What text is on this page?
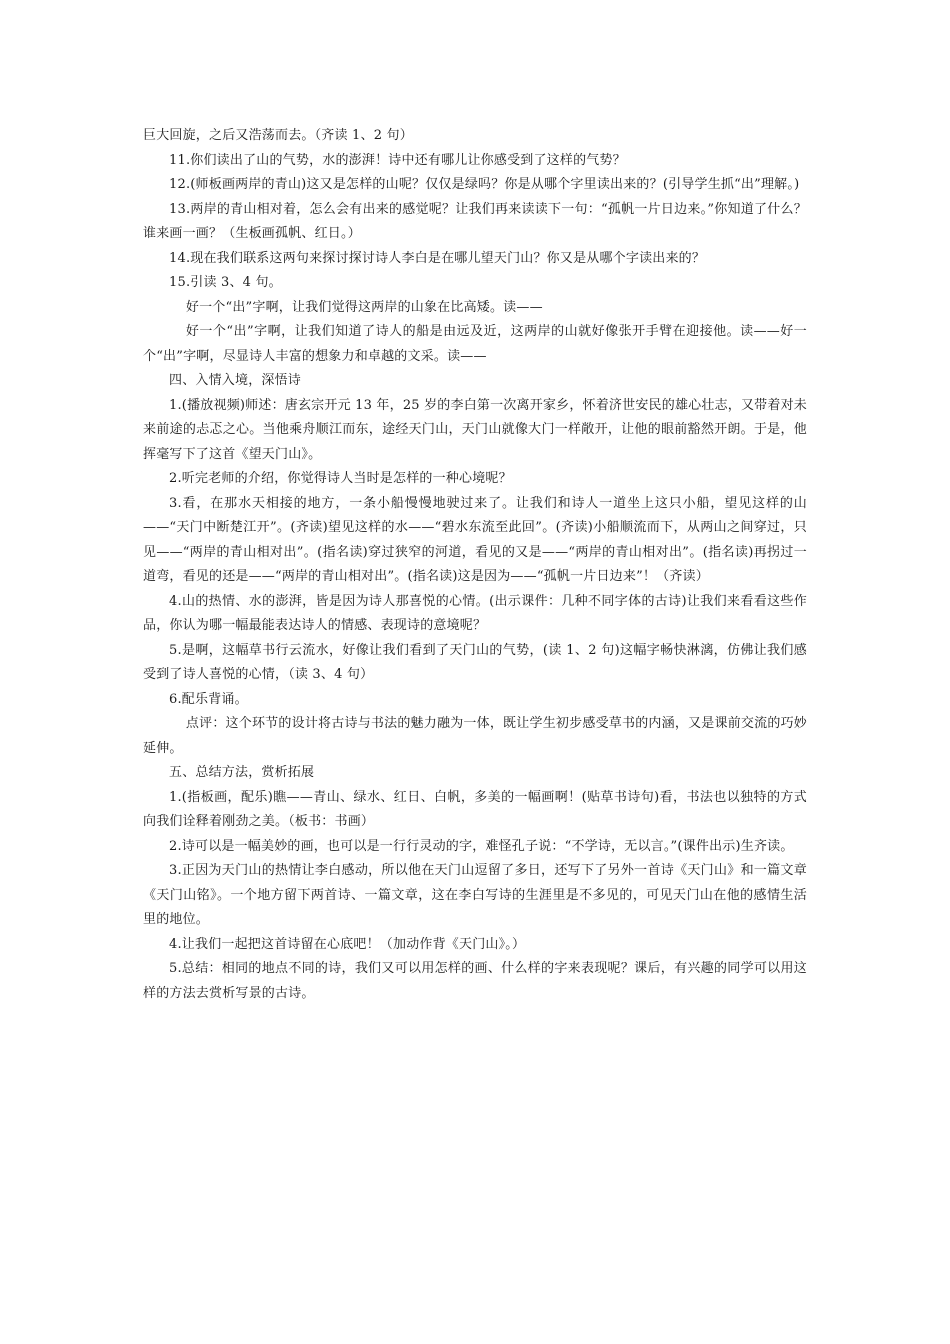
巨大回旋，之后又浩荡而去。（齐读 1、2 句）

11.你们读出了山的气势，水的澎湃！诗中还有哪儿让你感受到了这样的气势？

12.(师板画两岸的青山)这又是怎样的山呢？仅仅是绿吗？你是从哪个字里读出来的？(引导学生抓“出”理解。)

13.两岸的青山相对着，怎么会有出来的感觉呢？让我们再来读读下一句：“孤帆一片日边来。”你知道了什么？谁来画一画？（生板画孤帆、红日。）

14.现在我们联系这两句来探讨探讨诗人李白是在哪儿望天门山？你又是从哪个字读出来的？

15.引读 3、4 句。

好一个“出”字啊，让我们觉得这两岸的山象在比高矮。读——

好一个“出”字啊，让我们知道了诗人的船是由远及近，这两岸的山就好像张开手臂在迎接他。读——好一个“出”字啊，尽显诗人丰富的想象力和卓越的文采。读——

四、入情入境，深悟诗

1.(播放视频)师述：唐玄宗开元 13 年，25 岁的李白第一次离开家乡，怀着济世安民的雄心壮志，又带着对未来前途的忐忑之心。当他乘舟顺江而东，途经天门山，天门山就像大门一样敞开，让他的眼前豁然开朗。于是，他挥毫写下了这首《望天门山》。

2.听完老师的介绍，你觉得诗人当时是怎样的一种心境呢？

3.看，在那水天相接的地方，一条小船慢慢地驶过来了。让我们和诗人一道坐上这只小船，望见这样的山——“天门中断楚江开”。(齐读)望见这样的水——“碧水东流至此回”。(齐读)小船顺流而下，从两山之间穿过，只见——“两岸的青山相对出”。(指名读)穿过狭窄的河道，看见的又是——“两岸的青山相对出”。(指名读)再拐过一道弯，看见的还是——“两岸的青山相对出”。(指名读)这是因为——“孤帆一片日边来”！（齐读）

4.山的热情、水的澎湃，皆是因为诗人那喜悦的心情。(出示课件：几种不同字体的古诗)让我们来看看这些作品，你认为哪一幅最能表达诗人的情感、表现诗的意境呢？

5.是啊，这幅草书行云流水，好像让我们看到了天门山的气势，(读 1、2 句)这幅字畅快淋漓，仿佛让我们感受到了诗人喜悦的心情，（读 3、4 句）

6.配乐背诵。

点评：这个环节的设计将古诗与书法的魅力融为一体，既让学生初步感受草书的内涵，又是课前交流的巧妙延伸。

五、总结方法，赏析拓展

1.(指板画，配乐)瞧——青山、绿水、红日、白帆，多美的一幅画啊！(贴草书诗句)看，书法也以独特的方式向我们诠释着刚劲之美。（板书：书画）

2.诗可以是一幅美妙的画，也可以是一行行灵动的字，难怪孔子说：“不学诗，无以言。”(课件出示)生齐读。

3.正因为天门山的热情让李白感动，所以他在天门山逗留了多日，还写下了另外一首诗《天门山》和一篇文章《天门山铭》。一个地方留下两首诗、一篇文章，这在李白写诗的生涯里是不多见的，可见天门山在他的感情生活里的地位。

4.让我们一起把这首诗留在心底吧！（加动作背《天门山》。）

5.总结：相同的地点不同的诗，我们又可以用怎样的画、什么样的字来表现呢？课后，有兴趣的同学可以用这样的方法去赏析写景的古诗。
